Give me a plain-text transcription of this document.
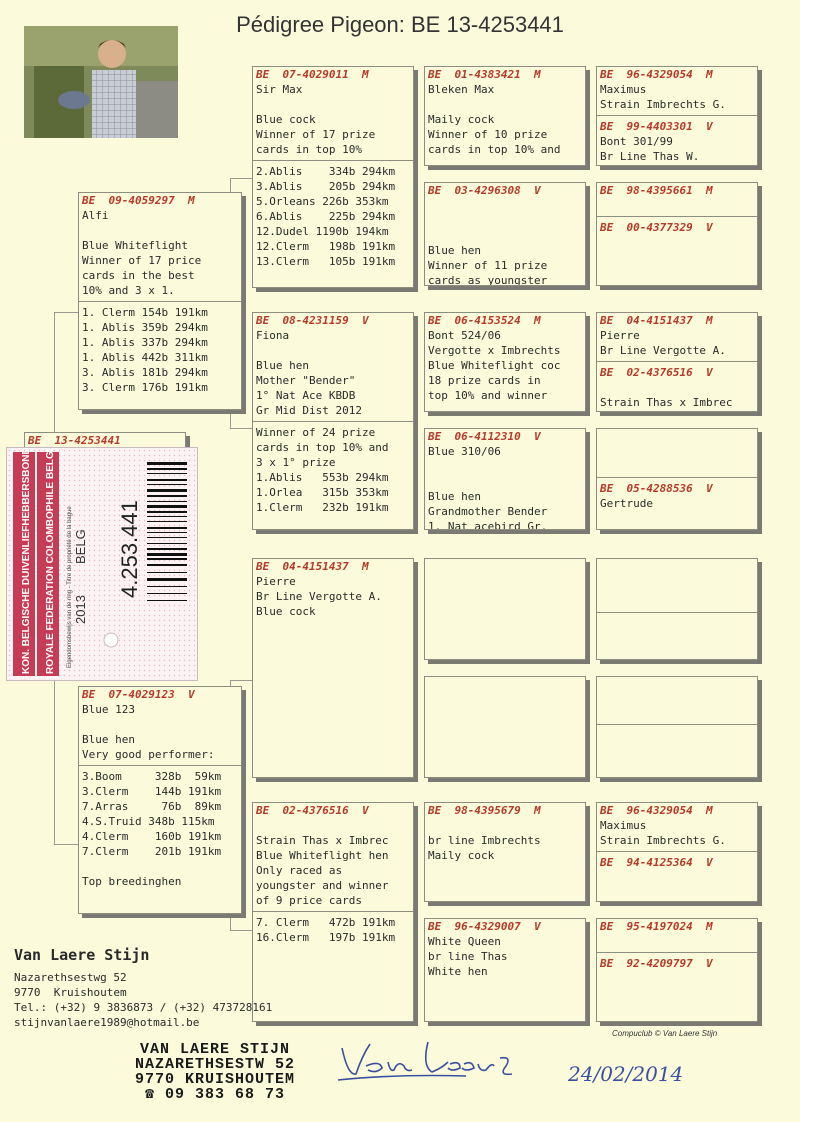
Pédigree Pigeon: BE 13-4253441
BE  13-4253441
BE  09-4059297  M
Alfi
Blue Whiteflight
Winner of 17 price
cards in the best
10% and 3 x 1.
1. Clerm 154b 191km
1. Ablis 359b 294km
1. Ablis 337b 294km
1. Ablis 442b 311km
3. Ablis 181b 294km
3. Clerm 176b 191km
BE  07-4029123  V
Blue 123
Blue hen
Very good performer:
3.Boom     328b  59km
3.Clerm    144b 191km
7.Arras     76b  89km
4.S.Truid 348b 115km
4.Clerm    160b 191km
7.Clerm    201b 191km
Top breedinghen
BE  07-4029011  M
Sir Max
Blue cock
Winner of 17 prize
cards in top 10%
2.Ablis    334b 294km
3.Ablis    205b 294km
5.Orleans 226b 353km
6.Ablis    225b 294km
12.Dudel 1190b 194km
12.Clerm   198b 191km
13.Clerm   105b 191km
BE  08-4231159  V
Fiona
Blue hen
Mother "Bender"
1° Nat Ace KBDB
Gr Mid Dist 2012
Winner of 24 prize
cards in top 10% and
3 x 1° prize
1.Ablis   553b 294km
1.Orlea   315b 353km
1.Clerm   232b 191km
BE  04-4151437  M
Pierre
Br Line Vergotte A.
Blue cock
BE  02-4376516  V
Strain Thas x Imbrec
Blue Whiteflight hen
Only raced as
youngster and winner
of 9 price cards
7. Clerm   472b 191km
16.Clerm   197b 191km
BE  01-4383421  M
Bleken Max
Maily cock
Winner of 10 prize
cards in top 10% and
BE  03-4296308  V
Blue hen
Winner of 11 prize
cards as youngster
BE  06-4153524  M
Bont 524/06
Vergotte x Imbrechts
Blue Whiteflight coc
18 prize cards in
top 10% and winner
BE  06-4112310  V
Blue 310/06
Blue hen
Grandmother Bender
1. Nat acebird Gr.
BE  98-4395679  M
br line Imbrechts
Maily cock
BE  96-4329007  V
White Queen
br line Thas
White hen
BE  96-4329054  M
Maximus
Strain Imbrechts G.
BE  99-4403301  V
Bont 301/99
Br Line Thas W.
BE  98-4395661  M
BE  00-4377329  V
BE  04-4151437  M
Pierre
Br Line Vergotte A.
BE  02-4376516  V
Strain Thas x Imbrec
BE  05-4288536  V
Gertrude
BE  96-4329054  M
Maximus
Strain Imbrechts G.
BE  94-4125364  V
BE  95-4197024  M
BE  92-4209797  V
KON. BELGISCHE DUIVENLIEFHEBBERSBOND ROYALE FEDERATION COLOMBOPHILE BELGE Eigendomsbewijs van de ring - Titre de propriété de la bague 2013
BELG 4.253.441
Van Laere Stijn
Nazarethsestwg 52
9770  Kruishoutem
Tel.: (+32) 9 3836873 / (+32) 473728161
stijnvanlaere1989@hotmail.be
Compuclub © Van Laere Stijn
VAN LAERE STIJN
NAZARETHSESTW 52
9770 KRUISHOUTEM
☎ 09 383 68 73
24/02/2014
